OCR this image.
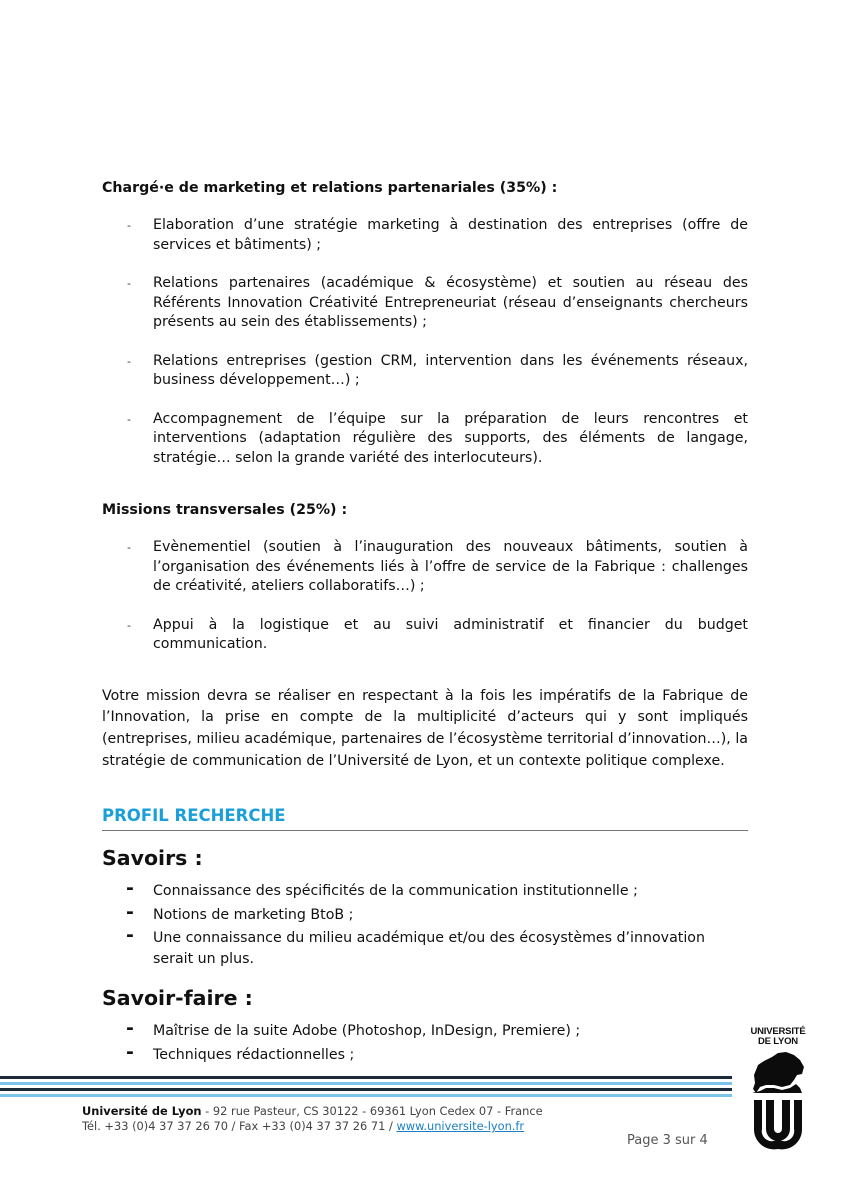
Chargé·e de marketing et relations partenariales (35%) :

- Elaboration d’une stratégie marketing à destination des entreprises (offre de services et bâtiments) ;
- Relations partenaires (académique & écosystème) et soutien au réseau des Référents Innovation Créativité Entrepreneuriat (réseau d’enseignants chercheurs présents au sein des établissements) ;
- Relations entreprises (gestion CRM, intervention dans les événements réseaux, business développement…) ;
- Accompagnement de l’équipe sur la préparation de leurs rencontres et interventions (adaptation régulière des supports, des éléments de langage, stratégie… selon la grande variété des interlocuteurs).

Missions transversales (25%) :

- Evènementiel (soutien à l’inauguration des nouveaux bâtiments, soutien à l’organisation des événements liés à l’offre de service de la Fabrique : challenges de créativité, ateliers collaboratifs…) ;
- Appui à la logistique et au suivi administratif et financier du budget communication.

Votre mission devra se réaliser en respectant à la fois les impératifs de la Fabrique de l’Innovation, la prise en compte de la multiplicité d’acteurs qui y sont impliqués (entreprises, milieu académique, partenaires de l’écosystème territorial d’innovation…), la stratégie de communication de l’Université de Lyon, et un contexte politique complexe.

PROFIL RECHERCHE

Savoirs :

- Connaissance des spécificités de la communication institutionnelle ;
- Notions de marketing BtoB ;
- Une connaissance du milieu académique et/ou des écosystèmes d’innovation serait un plus.

Savoir-faire :

- Maîtrise de la suite Adobe (Photoshop, InDesign, Premiere) ;
- Techniques rédactionnelles ;
Université de Lyon - 92 rue Pasteur, CS 30122 - 69361 Lyon Cedex 07 - France
Tél. +33 (0)4 37 37 26 70 / Fax +33 (0)4 37 37 26 71 / www.universite-lyon.fr
Page 3 sur 4
UNIVERSITÉ
DE LYON
